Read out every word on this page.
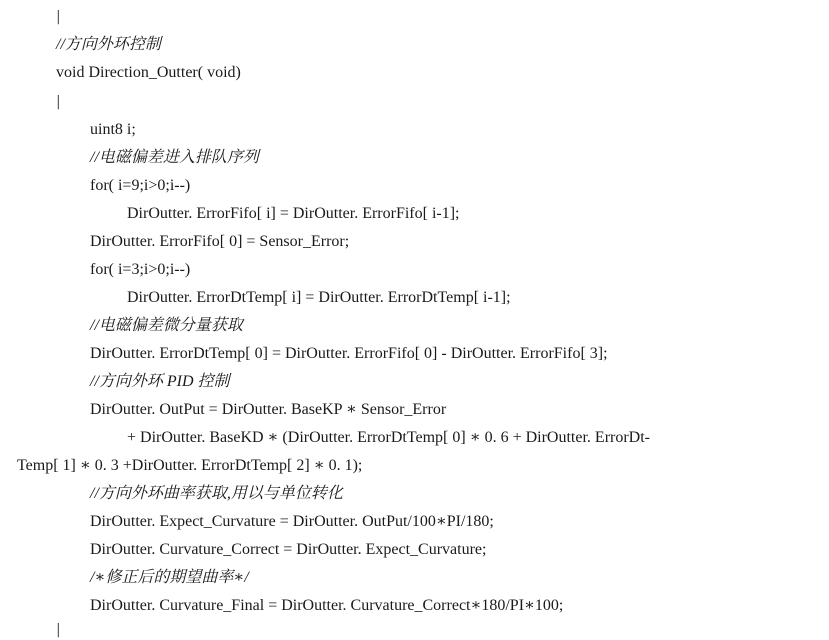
|
//方向外环控制
void Direction_Outter( void)
|
uint8 i;
//电磁偏差进入排队序列
for( i=9;i>0;i--)
DirOutter. ErrorFifo[ i] = DirOutter. ErrorFifo[ i-1];
DirOutter. ErrorFifo[ 0] = Sensor_Error;
for( i=3;i>0;i--)
DirOutter. ErrorDtTemp[ i] = DirOutter. ErrorDtTemp[ i-1];
//电磁偏差微分量获取
DirOutter. ErrorDtTemp[ 0] = DirOutter. ErrorFifo[ 0] - DirOutter. ErrorFifo[ 3];
//方向外环 PID 控制
DirOutter. OutPut = DirOutter. BaseKP ∗ Sensor_Error
+ DirOutter. BaseKD ∗ (DirOutter. ErrorDtTemp[ 0] ∗ 0. 6 + DirOutter. ErrorDt-
Temp[ 1] ∗ 0. 3 +DirOutter. ErrorDtTemp[ 2] ∗ 0. 1);
//方向外环曲率获取,用以与单位转化
DirOutter. Expect_Curvature = DirOutter. OutPut/100∗PI/180;
DirOutter. Curvature_Correct = DirOutter. Expect_Curvature;
/∗修正后的期望曲率∗/
DirOutter. Curvature_Final = DirOutter. Curvature_Correct∗180/PI∗100;
|
